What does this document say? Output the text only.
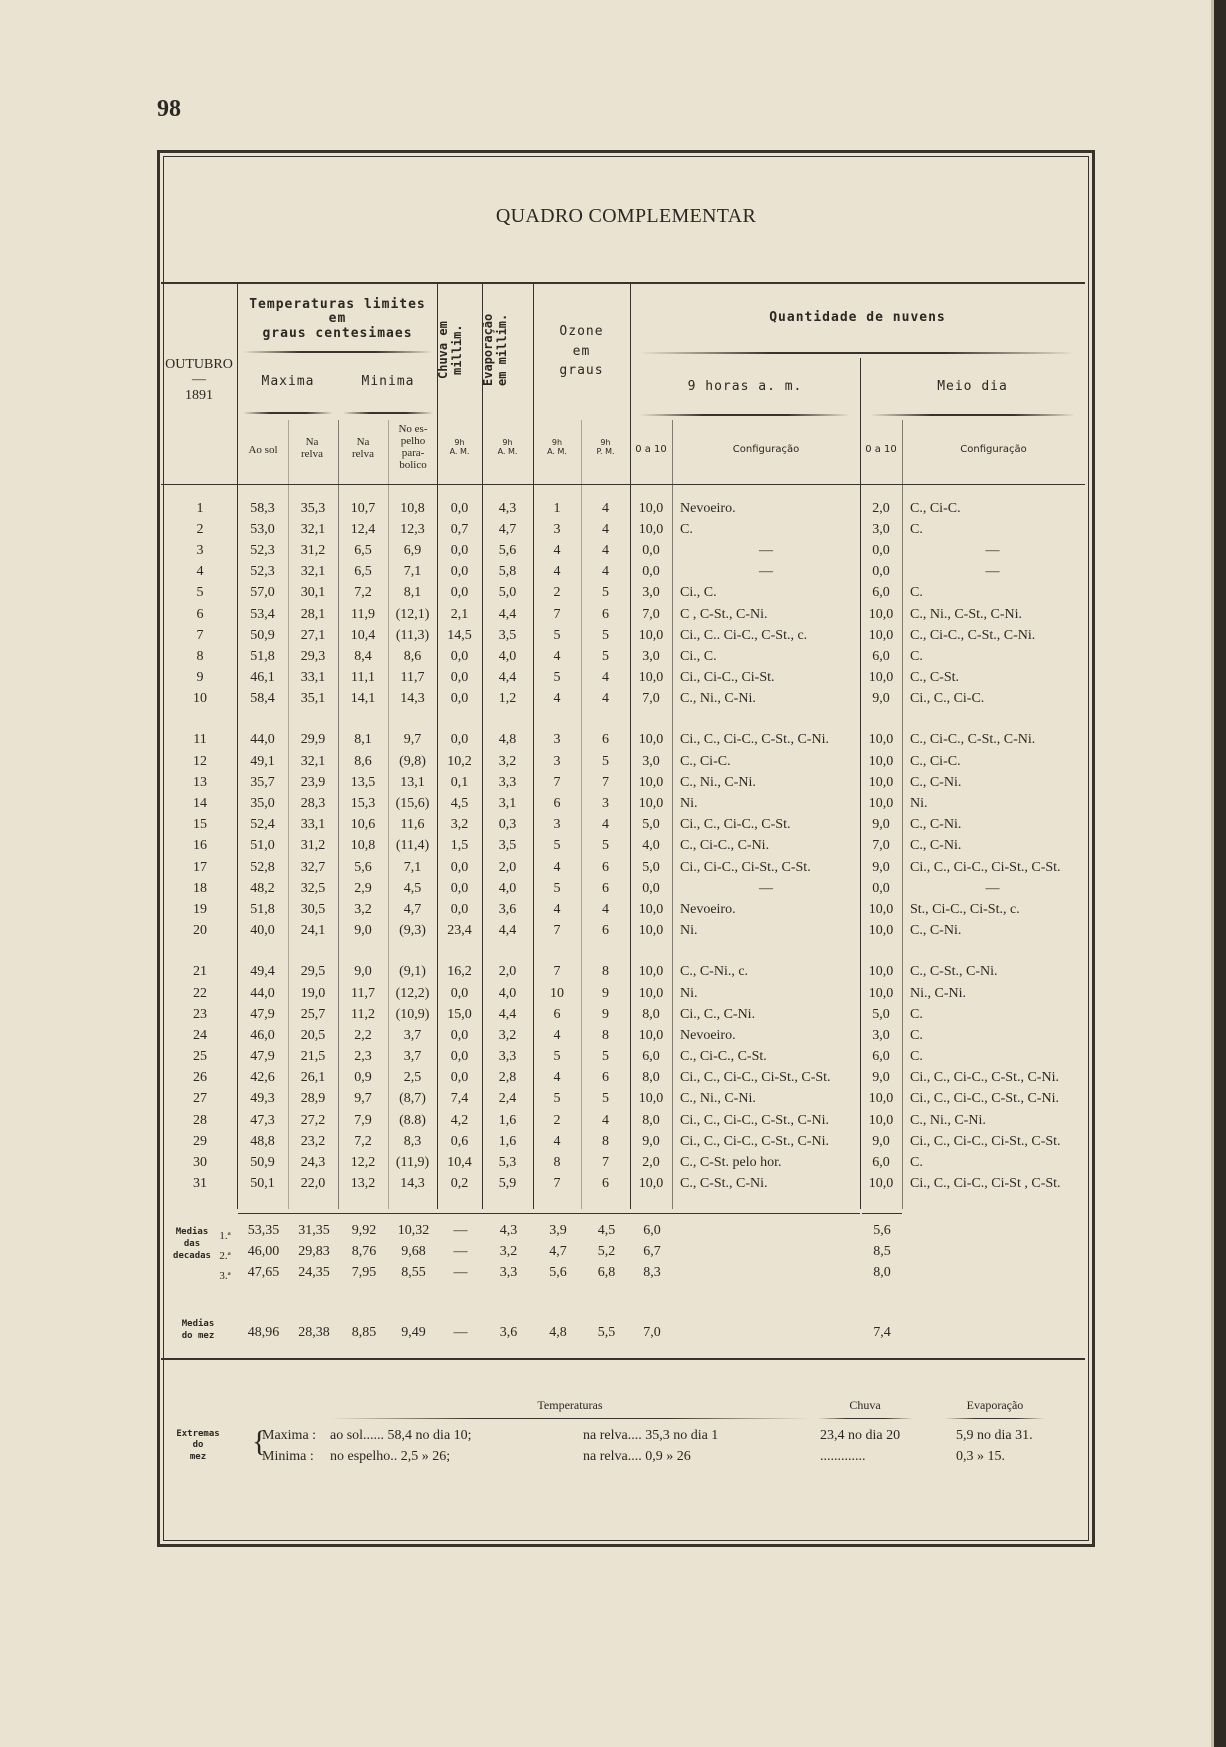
98
QUADRO COMPLEMENTAR
OUTUBRO
—
1891
Temperaturas limites
em
graus centesimaes
Maxima	Minima
Chuva em
millim.	Evaporação
em millim.	Ozone
em
graus
Quantidade de nuvens
9 horas a. m.	Meio dia
Ao sol
Na
relva
Na
relva
No es-
pelho
para-
bolico
9h
A. M.
9h
A. M.
9h
A. M.
9h
P. M.	0 a 10	Configuração	0 a 10	Configuração
1	58,3	35,3	10,7	10,8	0,0	4,3	1	4	10,0	Nevoeiro.	2,0	C., Ci-C.
2	53,0	32,1	12,4	12,3	0,7	4,7	3	4	10,0	C.	3,0	C.
3	52,3	31,2	6,5	6,9	0,0	5,6	4	4	0,0	—	0,0	—
4	52,3	32,1	6,5	7,1	0,0	5,8	4	4	0,0	—	0,0	—
5	57,0	30,1	7,2	8,1	0,0	5,0	2	5	3,0	Ci., C.	6,0	C.
6	53,4	28,1	11,9	(12,1)	2,1	4,4	7	6	7,0	C , C-St., C-Ni.	10,0	C., Ni., C-St., C-Ni.
7	50,9	27,1	10,4	(11,3)	14,5	3,5	5	5	10,0	Ci., C.. Ci-C., C-St., c.	10,0	C., Ci-C., C-St., C-Ni.
8	51,8	29,3	8,4	8,6	0,0	4,0	4	5	3,0	Ci., C.	6,0	C.
9	46,1	33,1	11,1	11,7	0,0	4,4	5	4	10,0	Ci., Ci-C., Ci-St.	10,0	C., C-St.
10	58,4	35,1	14,1	14,3	0,0	1,2	4	4	7,0	C., Ni., C-Ni.	9,0	Ci., C., Ci-C.

11	44,0	29,9	8,1	9,7	0,0	4,8	3	6	10,0	Ci., C., Ci-C., C-St., C-Ni.	10,0	C., Ci-C., C-St., C-Ni.
12	49,1	32,1	8,6	(9,8)	10,2	3,2	3	5	3,0	C., Ci-C.	10,0	C., Ci-C.
13	35,7	23,9	13,5	13,1	0,1	3,3	7	7	10,0	C., Ni., C-Ni.	10,0	C., C-Ni.
14	35,0	28,3	15,3	(15,6)	4,5	3,1	6	3	10,0	Ni.	10,0	Ni.
15	52,4	33,1	10,6	11,6	3,2	0,3	3	4	5,0	Ci., C., Ci-C., C-St.	9,0	C., C-Ni.
16	51,0	31,2	10,8	(11,4)	1,5	3,5	5	5	4,0	C., Ci-C., C-Ni.	7,0	C., C-Ni.
17	52,8	32,7	5,6	7,1	0,0	2,0	4	6	5,0	Ci., Ci-C., Ci-St., C-St.	9,0	Ci., C., Ci-C., Ci-St., C-St.
18	48,2	32,5	2,9	4,5	0,0	4,0	5	6	0,0	—	0,0	—
19	51,8	30,5	3,2	4,7	0,0	3,6	4	4	10,0	Nevoeiro.	10,0	St., Ci-C., Ci-St., c.
20	40,0	24,1	9,0	(9,3)	23,4	4,4	7	6	10,0	Ni.	10,0	C., C-Ni.

21	49,4	29,5	9,0	(9,1)	16,2	2,0	7	8	10,0	C., C-Ni., c.	10,0	C., C-St., C-Ni.
22	44,0	19,0	11,7	(12,2)	0,0	4,0	10	9	10,0	Ni.	10,0	Ni., C-Ni.
23	47,9	25,7	11,2	(10,9)	15,0	4,4	6	9	8,0	Ci., C., C-Ni.	5,0	C.
24	46,0	20,5	2,2	3,7	0,0	3,2	4	8	10,0	Nevoeiro.	3,0	C.
25	47,9	21,5	2,3	3,7	0,0	3,3	5	5	6,0	C., Ci-C., C-St.	6,0	C.
26	42,6	26,1	0,9	2,5	0,0	2,8	4	6	8,0	Ci., C., Ci-C., Ci-St., C-St.	9,0	Ci., C., Ci-C., C-St., C-Ni.
27	49,3	28,9	9,7	(8,7)	7,4	2,4	5	5	10,0	C., Ni., C-Ni.	10,0	Ci., C., Ci-C., C-St., C-Ni.
28	47,3	27,2	7,9	(8.8)	4,2	1,6	2	4	8,0	Ci., C., Ci-C., C-St., C-Ni.	10,0	C., Ni., C-Ni.
29	48,8	23,2	7,2	8,3	0,6	1,6	4	8	9,0	Ci., C., Ci-C., C-St., C-Ni.	9,0	Ci., C., Ci-C., Ci-St., C-St.
30	50,9	24,3	12,2	(11,9)	10,4	5,3	8	7	2,0	C., C-St. pelo hor.	6,0	C.
31	50,1	22,0	13,2	14,3	0,2	5,9	7	6	10,0	C., C-St., C-Ni.	10,0	Ci., C., Ci-C., Ci-St , C-St.
Medias
das
decadas
1.ª
2.ª
3.ª
53,35	31,35	9,92	10,32	—	4,3	3,9	4,5	6,0		5,6
46,00	29,83	8,76	9,68	—	3,2	4,7	5,2	6,7		8,5
47,65	24,35	7,95	8,55	—	3,3	5,6	6,8	8,3		8,0
Medias
do mez	48,96	28,38	8,85	9,49	—	3,6	4,8	5,5	7,0		7,4
Temperaturas	Chuva	Evaporação
Extremas
do
mez	{
Maxima : ao sol...... 58,4 no dia 10;	na relva.... 35,3 no dia 1	23,4 no dia 20	5,9 no dia 31.
Minima : no espelho.. 2,5 » 26;	na relva.... 0,9 » 26	.............	0,3 » 15.
